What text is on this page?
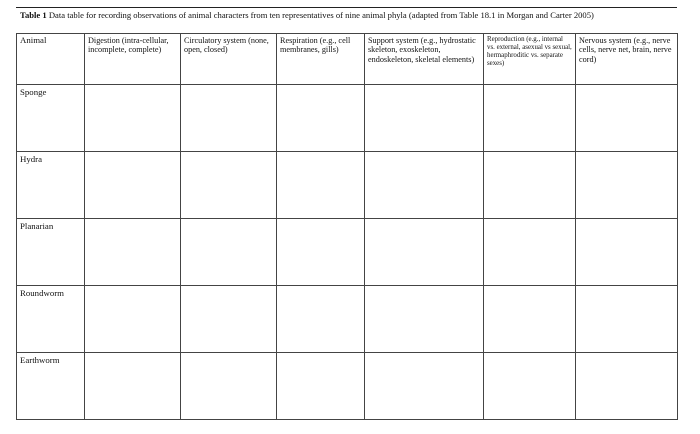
Table 1 Data table for recording observations of animal characters from ten representatives of nine animal phyla (adapted from Table 18.1 in Morgan and Carter 2005)
Animal	Digestion (intra-cellular, incomplete, complete)	Circulatory system (none, open, closed)	Respiration (e.g., cell membranes, gills)	Support system (e.g., hydrostatic skeleton, exoskeleton, endoskeleton, skeletal elements)	Reproduction (e.g., internal vs. external, asexual vs sexual, hermaphroditic vs. separate sexes)	Nervous system (e.g., nerve cells, nerve net, brain, nerve cord)
Sponge						
Hydra						
Planarian						
Roundworm						
Earthworm						
